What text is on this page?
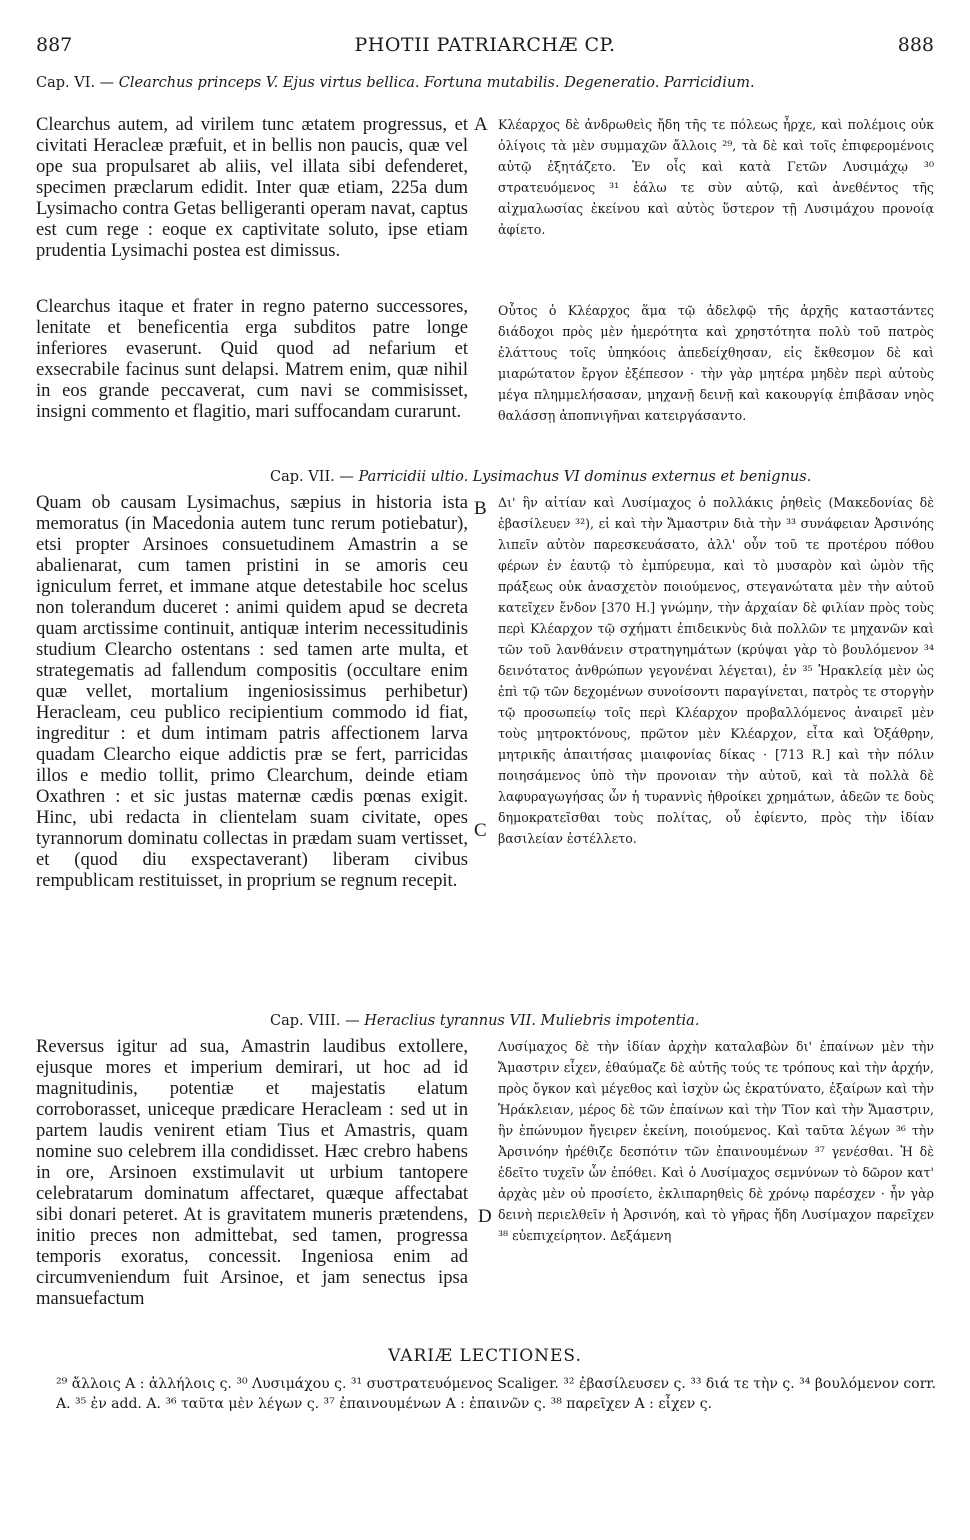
887	PHOTII PATRIARCHÆ CP.	888
Cap. VI. — Clearchus princeps V. Ejus virtus bellica. Fortuna mutabilis. Degeneratio. Parricidium.
A
B
C
D

Clearchus autem, ad virilem tunc ætatem progressus, et civitati Heracleæ præfuit, et in bellis non paucis, quæ vel ope sua propulsaret ab aliis, vel illata sibi defenderet, specimen præclarum edidit. Inter quæ etiam, 225a dum Lysimacho contra Getas belligeranti operam navat, captus est cum rege : eoque ex captivitate soluto, ipse etiam prudentia Lysimachi postea est dimissus.

Clearchus itaque et frater in regno paterno successores, lenitate et beneficentia erga subditos patre longe inferiores evaserunt. Quid quod ad nefarium et exsecrabile facinus sunt delapsi. Matrem enim, quæ nihil in eos grande peccaverat, cum navi se commisisset, insigni commento et flagitio, mari suffocandam curarunt.

Κλέαρχος δὲ ἀνδρωθεὶς ἤδη τῆς τε πόλεως ἦρχε, καὶ πολέμοις οὐκ ὀλίγοις τὰ μὲν συμμαχῶν ἄλλοις ²⁹, τὰ δὲ καὶ τοῖς ἐπιφερομένοις αὐτῷ ἐξητάζετο. Ἐν οἷς καὶ κατὰ Γετῶν Λυσιμάχῳ ³⁰ στρατευόμενος ³¹ ἑάλω τε σὺν αὐτῷ, καὶ ἀνεθέντος τῆς αἰχμαλωσίας ἐκείνου καὶ αὐτὸς ὕστερον τῇ Λυσιμάχου προνοίᾳ ἀφίετο.

Οὗτος ὁ Κλέαρχος ἅμα τῷ ἀδελφῷ τῆς ἀρχῆς καταστάντες διάδοχοι πρὸς μὲν ἡμερότητα καὶ χρηστότητα πολὺ τοῦ πατρὸς ἐλάττους τοῖς ὑπηκόοις ἀπεδείχθησαν, εἰς ἔκθεσμον δὲ καὶ μιαρώτατον ἔργον ἐξέπεσον · τὴν γὰρ μητέρα μηδὲν περὶ αὐτοὺς μέγα πλημμελήσασαν, μηχανῇ δεινῇ καὶ κακουργίᾳ ἐπιβᾶσαν νηὸς θαλάσσῃ ἀποπνιγῆναι κατειργάσαντο.

Cap. VII. — Parricidii ultio. Lysimachus VI dominus externus et benignus.

Quam ob causam Lysimachus, sæpius in historia ista memoratus (in Macedonia autem tunc rerum potiebatur), etsi propter Arsinoes consuetudinem Amastrin a se abalienarat, cum tamen pristini in se amoris ceu igniculum ferret, et immane atque detestabile hoc scelus non tolerandum duceret : animi quidem apud se decreta quam arctissime continuit, antiquæ interim necessitudinis studium Clearcho ostentans : sed tamen arte multa, et strategematis ad fallendum compositis (occultare enim quæ vellet, mortalium ingeniosissimus perhibetur) Heracleam, ceu publico recipientium commodo id fiat, ingreditur : et dum intimam patris affectionem larva quadam Clearcho eique addictis præ se fert, parricidas illos e medio tollit, primo Clearchum, deinde etiam Oxathren : et sic justas maternæ cædis pœnas exigit. Hinc, ubi redacta in clientelam suam civitate, opes tyrannorum dominatu collectas in prædam suam vertisset, et (quod diu exspectaverant) liberam civibus rempublicam restituisset, in proprium se regnum recepit.

Δι' ἣν αἰτίαν καὶ Λυσίμαχος ὁ πολλάκις ῥηθεὶς (Μακεδονίας δὲ ἐβασίλευεν ³²), εἰ καὶ τὴν Ἄμαστριν διὰ τὴν ³³ συνάφειαν Ἀρσινόης λιπεῖν αὐτὸν παρεσκευάσατο, ἀλλ' οὖν τοῦ τε προτέρου πόθου φέρων ἐν ἑαυτῷ τὸ ἐμπύρευμα, καὶ τὸ μυσαρὸν καὶ ὠμὸν τῆς πράξεως οὐκ ἀνασχετὸν ποιούμενος, στεγανώτατα μὲν τὴν αὐτοῦ κατεῖχεν ἔνδον [370 H.] γνώμην, τὴν ἀρχαίαν δὲ φιλίαν πρὸς τοὺς περὶ Κλέαρχον τῷ σχήματι ἐπιδεικνὺς διὰ πολλῶν τε μηχανῶν καὶ τῶν τοῦ λανθάνειν στρατηγημάτων (κρύψαι γὰρ τὸ βουλόμενον ³⁴ δεινότατος ἀνθρώπων γεγονέναι λέγεται), ἐν ³⁵ Ἡρακλείᾳ μὲν ὡς ἐπὶ τῷ τῶν δεχομένων συνοίσοντι παραγίνεται, πατρὸς τε στοργὴν τῷ προσωπείῳ τοῖς περὶ Κλέαρχον προβαλλόμενος ἀναιρεῖ μὲν τοὺς μητροκτόνους, πρῶτον μὲν Κλέαρχον, εἶτα καὶ Ὀξάθρην, μητρικῆς ἀπαιτήσας μιαιφονίας δίκας · [713 R.] καὶ τὴν πόλιν ποιησάμενος ὑπὸ τὴν προνοιαν τὴν αὐτοῦ, καὶ τὰ πολλὰ δὲ λαφυραγωγήσας ὧν ἡ τυραννὶς ἠθροίκει χρημάτων, ἀδεῶν τε δοὺς δημοκρατεῖσθαι τοὺς πολίτας, οὗ ἐφίεντο, πρὸς τὴν ἰδίαν βασιλείαν ἐστέλλετο.

Cap. VIII. — Heraclius tyrannus VII. Muliebris impotentia.

Reversus igitur ad sua, Amastrin laudibus extollere, ejusque mores et imperium demirari, ut hoc ad id magnitudinis, potentiæ et majestatis elatum corroborasset, uniceque prædicare Heracleam : sed ut in partem laudis venirent etiam Tius et Amastris, quam nomine suo celebrem illa condidisset. Hæc crebro habens in ore, Arsinoen exstimulavit ut urbium tantopere celebratarum dominatum affectaret, quæque affectabat sibi donari peteret. At is gravitatem muneris prætendens, initio preces non admittebat, sed tamen, progressa temporis exoratus, concessit. Ingeniosa enim ad circumveniendum fuit Arsinoe, et jam senectus ipsa mansuefactum

Λυσίμαχος δὲ τὴν ἰδίαν ἀρχὴν καταλαβὼν δι' ἐπαίνων μὲν τὴν Ἄμαστριν εἶχεν, ἐθαύμαζε δὲ αὐτῆς τούς τε τρόπους καὶ τὴν ἀρχήν, πρὸς ὄγκον καὶ μέγεθος καὶ ἰσχὺν ὡς ἐκρατύνατο, ἐξαίρων καὶ τὴν Ἡράκλειαν, μέρος δὲ τῶν ἐπαίνων καὶ τὴν Τῖον καὶ τὴν Ἄμαστριν, ἣν ἐπώνυμον ἤγειρεν ἐκείνη, ποιούμενος. Καὶ ταῦτα λέγων ³⁶ τὴν Ἀρσινόην ἠρέθιζε δεσπότιν τῶν ἐπαινουμένων ³⁷ γενέσθαι. Ἡ δὲ ἐδεῖτο τυχεῖν ὧν ἐπόθει. Καὶ ὁ Λυσίμαχος σεμνύνων τὸ δῶρον κατ' ἀρχὰς μὲν οὐ προσίετο, ἐκλιπαρηθεὶς δὲ χρόνῳ παρέσχεν · ἦν γὰρ δεινὴ περιελθεῖν ἡ Ἀρσινόη, καὶ τὸ γῆρας ἤδη Λυσίμαχον παρεῖχεν ³⁸ εὐεπιχείρητον. Δεξάμενη

VARIÆ LECTIONES.
²⁹ ἄλλοις A : ἀλλήλοις ς. ³⁰ Λυσιμάχου ς. ³¹ συστρατευόμενος Scaliger. ³² ἐβασίλευσεν ς. ³³ διά τε τὴν ς. ³⁴ βουλόμενον corr. A. ³⁵ ἐν add. A. ³⁶ ταῦτα μὲν λέγων ς. ³⁷ ἐπαινουμένων A : ἐπαινῶν ς. ³⁸ παρεῖχεν A : εἶχεν ς.
